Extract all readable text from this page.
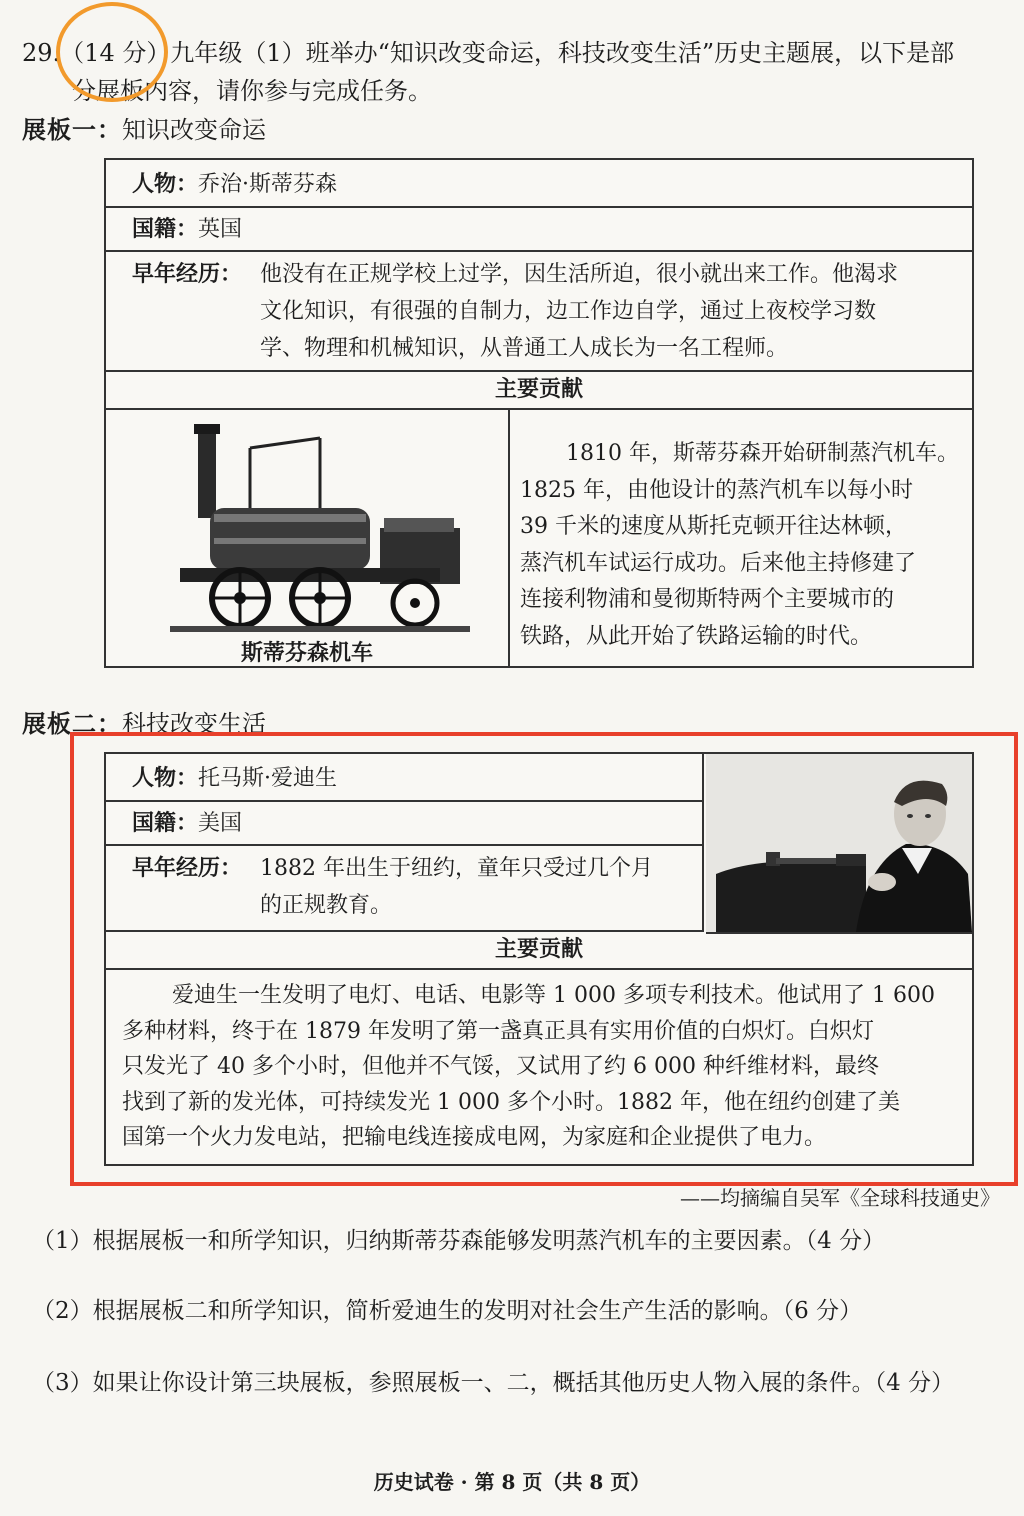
29.（14 分）九年级（1）班举办“知识改变命运，科技改变生活”历史主题展，以下是部
分展板内容，请你参与完成任务。
展板一：知识改变命运
人物：乔治·斯蒂芬森
国籍：英国
早年经历： 他没有在正规学校上过学，因生活所迫，很小就出来工作。他渴求
文化知识，有很强的自制力，边工作边自学，通过上夜校学习数
学、物理和机械知识，从普通工人成长为一名工程师。
主要贡献
斯蒂芬森机车
1810 年，斯蒂芬森开始研制蒸汽机车。
1825 年，由他设计的蒸汽机车以每小时
39 千米的速度从斯托克顿开往达林顿，
蒸汽机车试运行成功。后来他主持修建了
连接利物浦和曼彻斯特两个主要城市的
铁路，从此开始了铁路运输的时代。
展板二：科技改变生活
人物：托马斯·爱迪生
国籍：美国
早年经历： 1882 年出生于纽约，童年只受过几个月
的正规教育。
主要贡献
爱迪生一生发明了电灯、电话、电影等 1 000 多项专利技术。他试用了 1 600
多种材料，终于在 1879 年发明了第一盏真正具有实用价值的白炽灯。白炽灯
只发光了 40 多个小时，但他并不气馁，又试用了约 6 000 种纤维材料，最终
找到了新的发光体，可持续发光 1 000 多个小时。1882 年，他在纽约创建了美
国第一个火力发电站，把输电线连接成电网，为家庭和企业提供了电力。
——均摘编自吴军《全球科技通史》
（1）根据展板一和所学知识，归纳斯蒂芬森能够发明蒸汽机车的主要因素。（4 分）
（2）根据展板二和所学知识，简析爱迪生的发明对社会生产生活的影响。（6 分）
（3）如果让你设计第三块展板，参照展板一、二，概括其他历史人物入展的条件。（4 分）
历史试卷 · 第 8 页（共 8 页）
